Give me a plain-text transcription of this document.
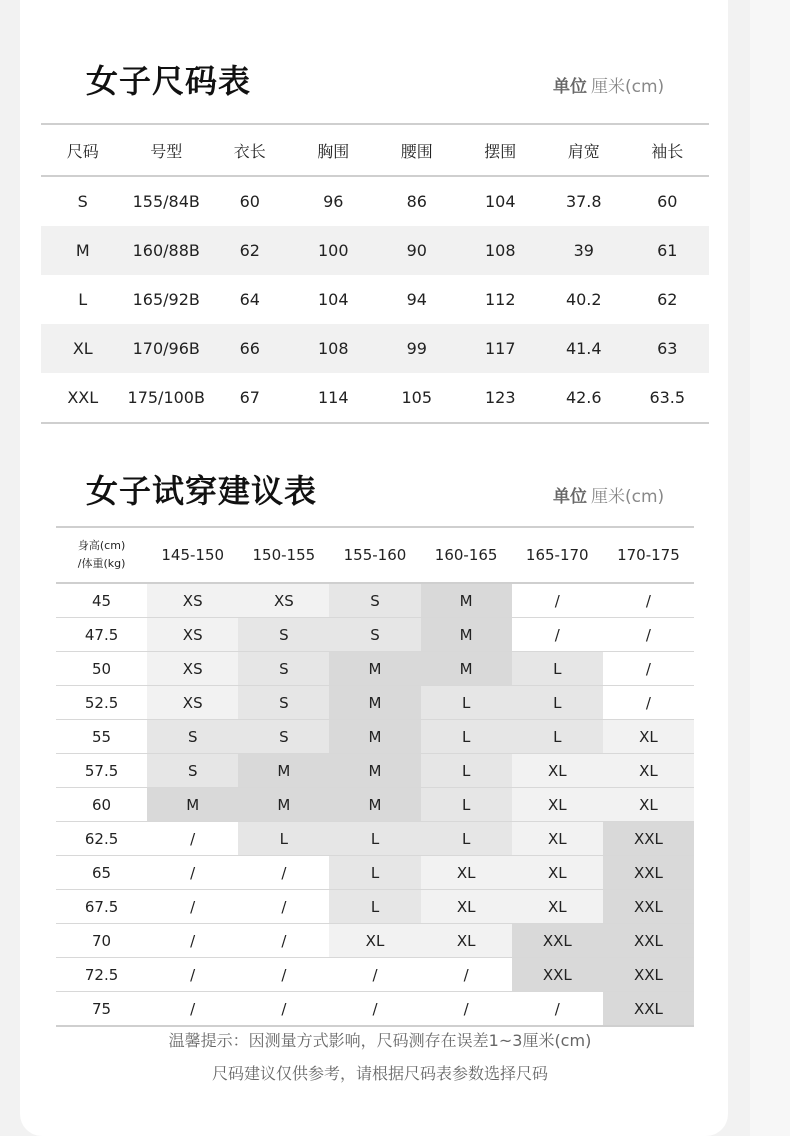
女子尺码表	单位 厘米(cm)
尺码	号型	衣长	胸围	腰围	摆围	肩宽	袖长
S	155/84B	60	96	86	104	37.8	60
M	160/88B	62	100	90	108	39	61
L	165/92B	64	104	94	112	40.2	62
XL	170/96B	66	108	99	117	41.4	63
XXL	175/100B	67	114	105	123	42.6	63.5
女子试穿建议表	单位 厘米(cm)
身高(cm)
/体重(kg)	145-150	150-155	155-160	160-165	165-170	170-175
45	XS	XS	S	M	/	/
47.5	XS	S	S	M	/	/
50	XS	S	M	M	L	/
52.5	XS	S	M	L	L	/
55	S	S	M	L	L	XL
57.5	S	M	M	L	XL	XL
60	M	M	M	L	XL	XL
62.5	/	L	L	L	XL	XXL
65	/	/	L	XL	XL	XXL
67.5	/	/	L	XL	XL	XXL
70	/	/	XL	XL	XXL	XXL
72.5	/	/	/	/	XXL	XXL
75	/	/	/	/	/	XXL
温馨提示：因测量方式影响，尺码测存在误差1~3厘米(cm)
尺码建议仅供参考，请根据尺码表参数选择尺码
